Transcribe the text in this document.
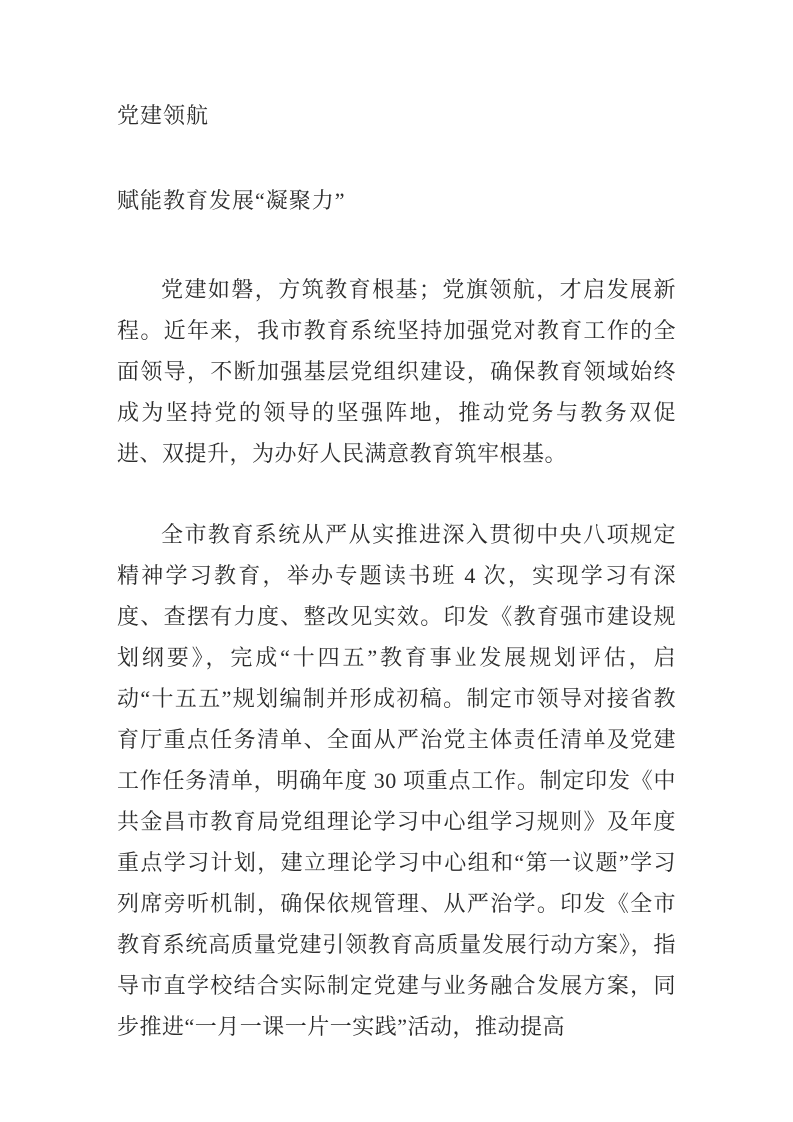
党建领航
赋能教育发展“凝聚力”

党建如磐，方筑教育根基；党旗领航，才启发展新程。近年来，我市教育系统坚持加强党对教育工作的全面领导，不断加强基层党组织建设，确保教育领域始终成为坚持党的领导的坚强阵地，推动党务与教务双促进、双提升，为办好人民满意教育筑牢根基。

全市教育系统从严从实推进深入贯彻中央八项规定精神学习教育，举办专题读书班 4 次，实现学习有深度、查摆有力度、整改见实效。印发《教育强市建设规划纲要》，完成“十四五”教育事业发展规划评估，启动“十五五”规划编制并形成初稿。制定市领导对接省教育厅重点任务清单、全面从严治党主体责任清单及党建工作任务清单，明确年度 30 项重点工作。制定印发《中共金昌市教育局党组理论学习中心组学习规则》及年度重点学习计划，建立理论学习中心组和“第一议题”学习列席旁听机制，确保依规管理、从严治学。印发《全市教育系统高质量党建引领教育高质量发展行动方案》，指导市直学校结合实际制定党建与业务融合发展方案，同步推进“一月一课一片一实践”活动，推动提高
